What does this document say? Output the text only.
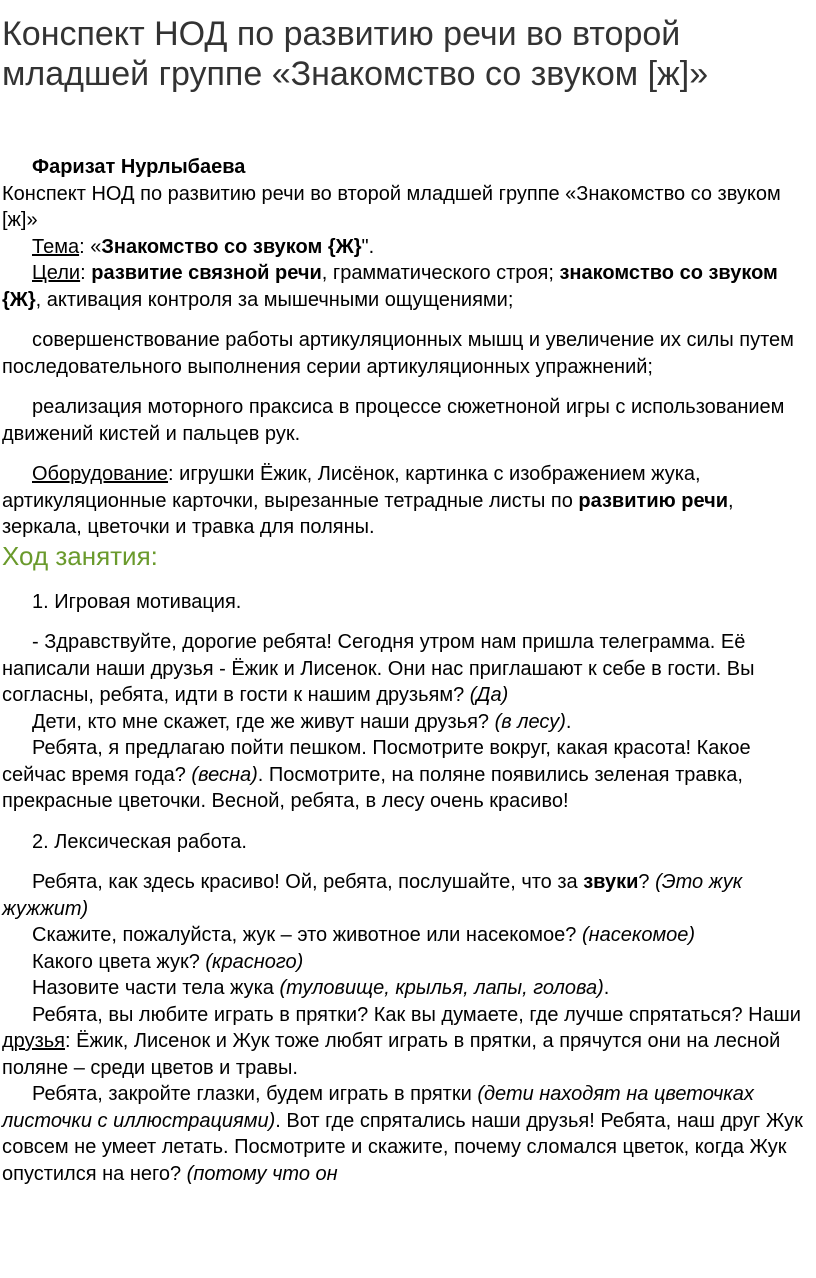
Конспект НОД по развитию речи во второй младшей группе «Знакомство со звуком [ж]»

Фаризат Нурлыбаева

Конспект НОД по развитию речи во второй младшей группе «Знакомство со звуком [ж]»

Тема: «Знакомство со звуком {Ж}".

Цели: развитие связной речи, грамматического строя; знакомство со звуком {Ж}, активация контроля за мышечными ощущениями;

совершенствование работы артикуляционных мышц и увеличение их силы путем последовательного выполнения серии артикуляционных упражнений;

реализация моторного праксиса в процессе сюжетноной игры с использованием движений кистей и пальцев рук.

Оборудование: игрушки Ёжик, Лисёнок, картинка с изображением жука, артикуляционные карточки, вырезанные тетрадные листы по развитию речи, зеркала, цветочки и травка для поляны.

Ход занятия:

1. Игровая мотивация.

- Здравствуйте, дорогие ребята! Сегодня утром нам пришла телеграмма. Её написали наши друзья - Ёжик и Лисенок. Они нас приглашают к себе в гости. Вы согласны, ребята, идти в гости к нашим друзьям? (Да)

Дети, кто мне скажет, где же живут наши друзья? (в лесу).

Ребята, я предлагаю пойти пешком. Посмотрите вокруг, какая красота! Какое сейчас время года? (весна). Посмотрите, на поляне появились зеленая травка, прекрасные цветочки. Весной, ребята, в лесу очень красиво!

2. Лексическая работа.

Ребята, как здесь красиво! Ой, ребята, послушайте, что за звуки? (Это жук жужжит)

Скажите, пожалуйста, жук – это животное или насекомое? (насекомое)

Какого цвета жук? (красного)

Назовите части тела жука (туловище, крылья, лапы, голова).

Ребята, вы любите играть в прятки? Как вы думаете, где лучше спрятаться? Наши друзья: Ёжик, Лисенок и Жук тоже любят играть в прятки, а прячутся они на лесной поляне – среди цветов и травы.

Ребята, закройте глазки, будем играть в прятки (дети находят на цветочках листочки с иллюстрациями). Вот где спрятались наши друзья! Ребята, наш друг Жук совсем не умеет летать. Посмотрите и скажите, почему сломался цветок, когда Жук опустился на него? (потому что он
